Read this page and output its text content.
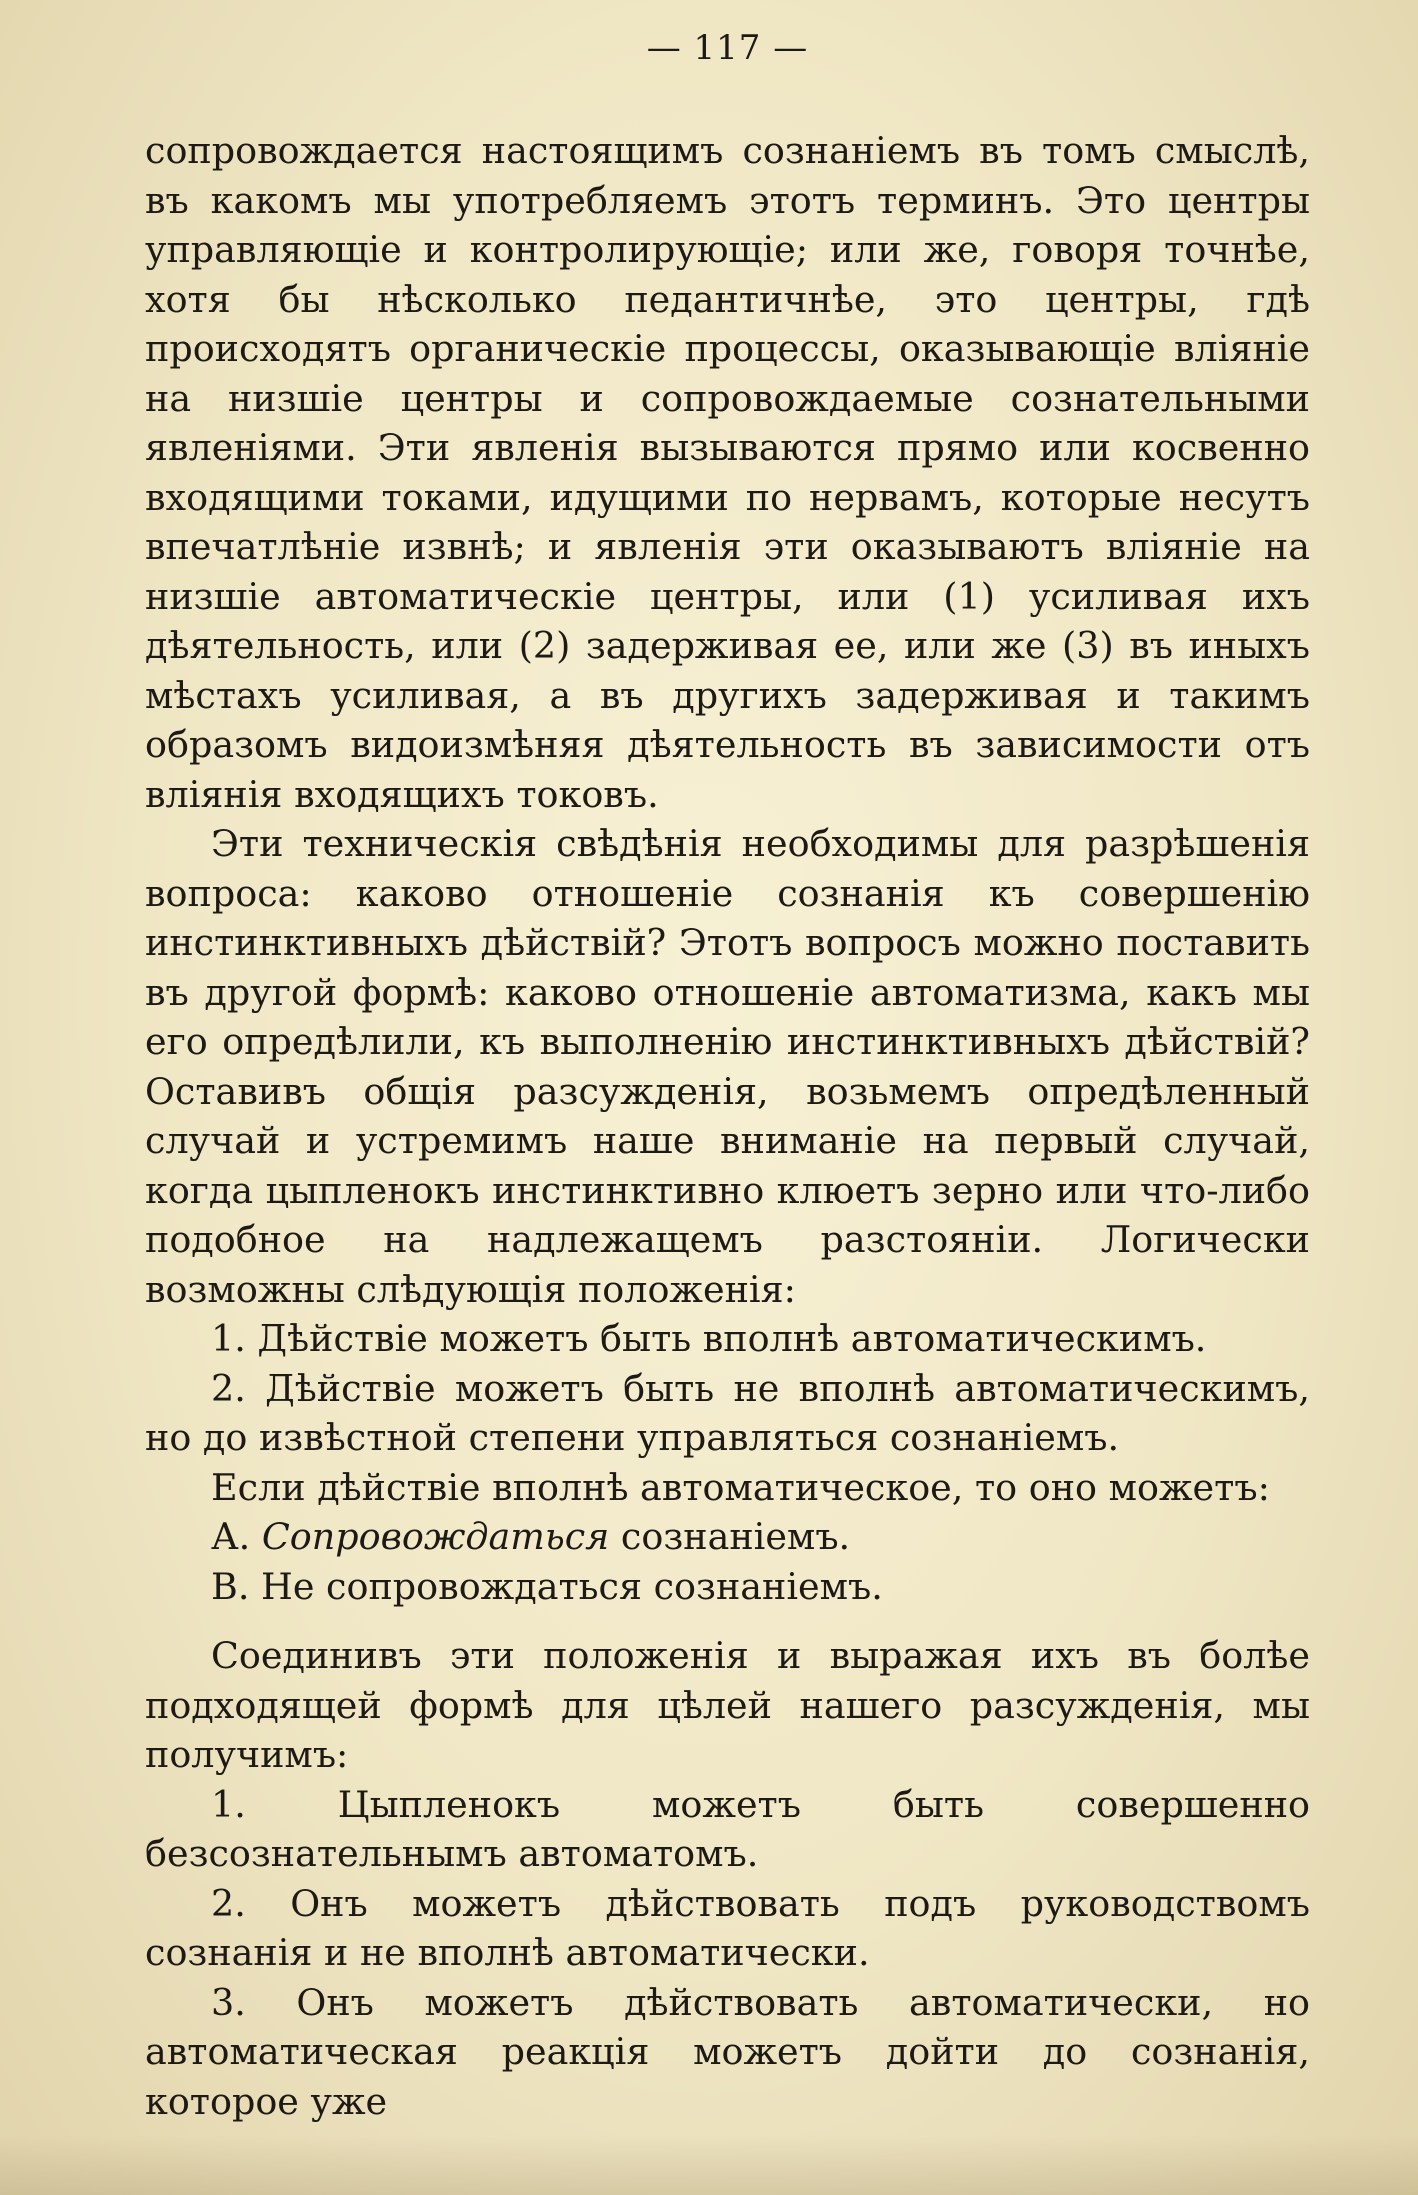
— 117 —

сопровождается настоящимъ сознаніемъ въ томъ смыслѣ, въ какомъ мы употребляемъ этотъ терминъ. Это центры управляющіе и контролирующіе; или же, говоря точнѣе, хотя бы нѣсколько педантичнѣе, это центры, гдѣ происходятъ органическіе процессы, оказывающіе вліяніе на низшіе центры и сопровождаемые сознательными явленіями. Эти явленія вызываются прямо или косвенно входящими токами, идущими по нервамъ, которые несутъ впечатлѣніе извнѣ; и явленія эти оказываютъ вліяніе на низшіе автоматическіе центры, или (1) усиливая ихъ дѣятельность, или (2) задерживая ее, или же (3) въ иныхъ мѣстахъ усиливая, а въ другихъ задерживая и такимъ образомъ видоизмѣняя дѣятельность въ зависимости отъ вліянія входящихъ токовъ.

Эти техническія свѣдѣнія необходимы для разрѣшенія вопроса: каково отношеніе сознанія къ совершенію инстинктивныхъ дѣйствій? Этотъ вопросъ можно поставить въ другой формѣ: каково отношеніе автоматизма, какъ мы его опредѣлили, къ выполненію инстинктивныхъ дѣйствій? Оставивъ общія разсужденія, возьмемъ опредѣленный случай и устремимъ наше вниманіе на первый случай, когда цыпленокъ инстинктивно клюетъ зерно или что-либо подобное на надлежащемъ разстояніи. Логически возможны слѣдующія положенія:

1. Дѣйствіе можетъ быть вполнѣ автоматическимъ.

2. Дѣйствіе можетъ быть не вполнѣ автоматическимъ, но до извѣстной степени управляться сознаніемъ.

Если дѣйствіе вполнѣ автоматическое, то оно можетъ:

А. Сопровождаться сознаніемъ.

В. Не сопровождаться сознаніемъ.

Соединивъ эти положенія и выражая ихъ въ болѣе подходящей формѣ для цѣлей нашего разсужденія, мы получимъ:

1. Цыпленокъ можетъ быть совершенно безсознательнымъ автоматомъ.

2. Онъ можетъ дѣйствовать подъ руководствомъ сознанія и не вполнѣ автоматически.

3. Онъ можетъ дѣйствовать автоматически, но автоматическая реакція можетъ дойти до сознанія, которое уже
